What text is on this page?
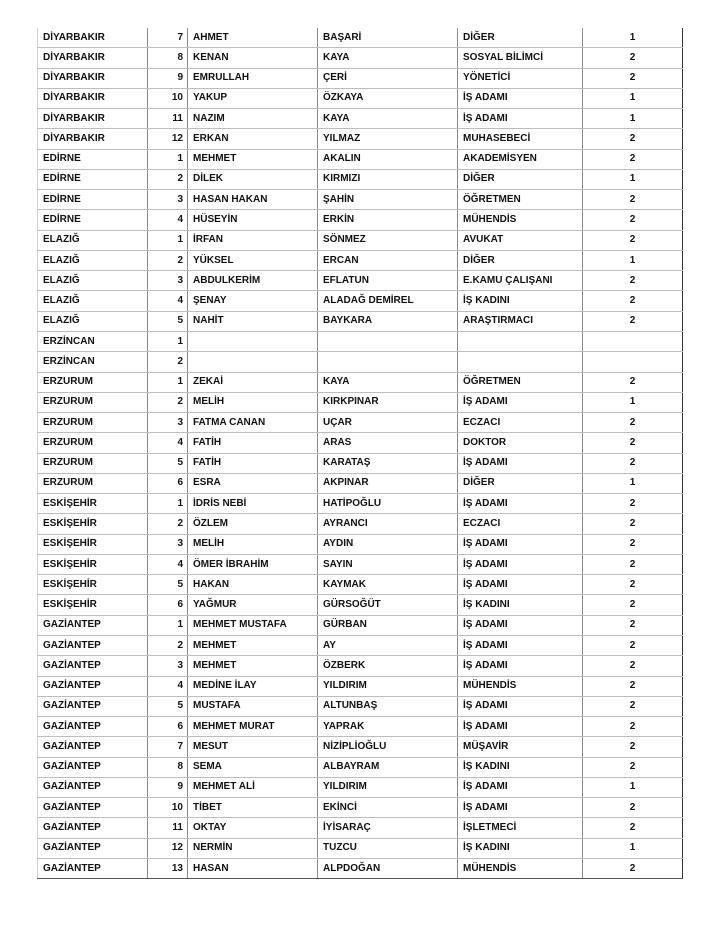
DİYARBAKIR	7	AHMET	BAŞARİ	DİĞER	1
DİYARBAKIR	8	KENAN	KAYA	SOSYAL BİLİMCİ	2
DİYARBAKIR	9	EMRULLAH	ÇERİ	YÖNETİCİ	2
DİYARBAKIR	10	YAKUP	ÖZKAYA	İŞ ADAMI	1
DİYARBAKIR	11	NAZIM	KAYA	İŞ ADAMI	1
DİYARBAKIR	12	ERKAN	YILMAZ	MUHASEBECİ	2
EDİRNE	1	MEHMET	AKALIN	AKADEMİSYEN	2
EDİRNE	2	DİLEK	KIRMIZI	DİĞER	1
EDİRNE	3	HASAN HAKAN	ŞAHİN	ÖĞRETMEN	2
EDİRNE	4	HÜSEYİN	ERKİN	MÜHENDİS	2
ELAZIĞ	1	İRFAN	SÖNMEZ	AVUKAT	2
ELAZIĞ	2	YÜKSEL	ERCAN	DİĞER	1
ELAZIĞ	3	ABDULKERİM	EFLATUN	E.KAMU ÇALIŞANI	2
ELAZIĞ	4	ŞENAY	ALADAĞ DEMİREL	İŞ KADINI	2
ELAZIĞ	5	NAHİT	BAYKARA	ARAŞTIRMACI	2
ERZİNCAN	1				
ERZİNCAN	2				
ERZURUM	1	ZEKAİ	KAYA	ÖĞRETMEN	2
ERZURUM	2	MELİH	KIRKPINAR	İŞ ADAMI	1
ERZURUM	3	FATMA CANAN	UÇAR	ECZACI	2
ERZURUM	4	FATİH	ARAS	DOKTOR	2
ERZURUM	5	FATİH	KARATAŞ	İŞ ADAMI	2
ERZURUM	6	ESRA	AKPINAR	DİĞER	1
ESKİŞEHİR	1	İDRİS NEBİ	HATİPOĞLU	İŞ ADAMI	2
ESKİŞEHİR	2	ÖZLEM	AYRANCI	ECZACI	2
ESKİŞEHİR	3	MELİH	AYDIN	İŞ ADAMI	2
ESKİŞEHİR	4	ÖMER İBRAHİM	SAYIN	İŞ ADAMI	2
ESKİŞEHİR	5	HAKAN	KAYMAK	İŞ ADAMI	2
ESKİŞEHİR	6	YAĞMUR	GÜRSOĞÜT	İŞ KADINI	2
GAZİANTEP	1	MEHMET MUSTAFA	GÜRBAN	İŞ ADAMI	2
GAZİANTEP	2	MEHMET	AY	İŞ ADAMI	2
GAZİANTEP	3	MEHMET	ÖZBERK	İŞ ADAMI	2
GAZİANTEP	4	MEDİNE İLAY	YILDIRIM	MÜHENDİS	2
GAZİANTEP	5	MUSTAFA	ALTUNBAŞ	İŞ ADAMI	2
GAZİANTEP	6	MEHMET MURAT	YAPRAK	İŞ ADAMI	2
GAZİANTEP	7	MESUT	NİZİPLİOĞLU	MÜŞAVİR	2
GAZİANTEP	8	SEMA	ALBAYRAM	İŞ KADINI	2
GAZİANTEP	9	MEHMET ALİ	YILDIRIM	İŞ ADAMI	1
GAZİANTEP	10	TİBET	EKİNCİ	İŞ ADAMI	2
GAZİANTEP	11	OKTAY	İYİSARAÇ	İŞLETMECİ	2
GAZİANTEP	12	NERMİN	TUZCU	İŞ KADINI	1
GAZİANTEP	13	HASAN	ALPDOĞAN	MÜHENDİS	2
